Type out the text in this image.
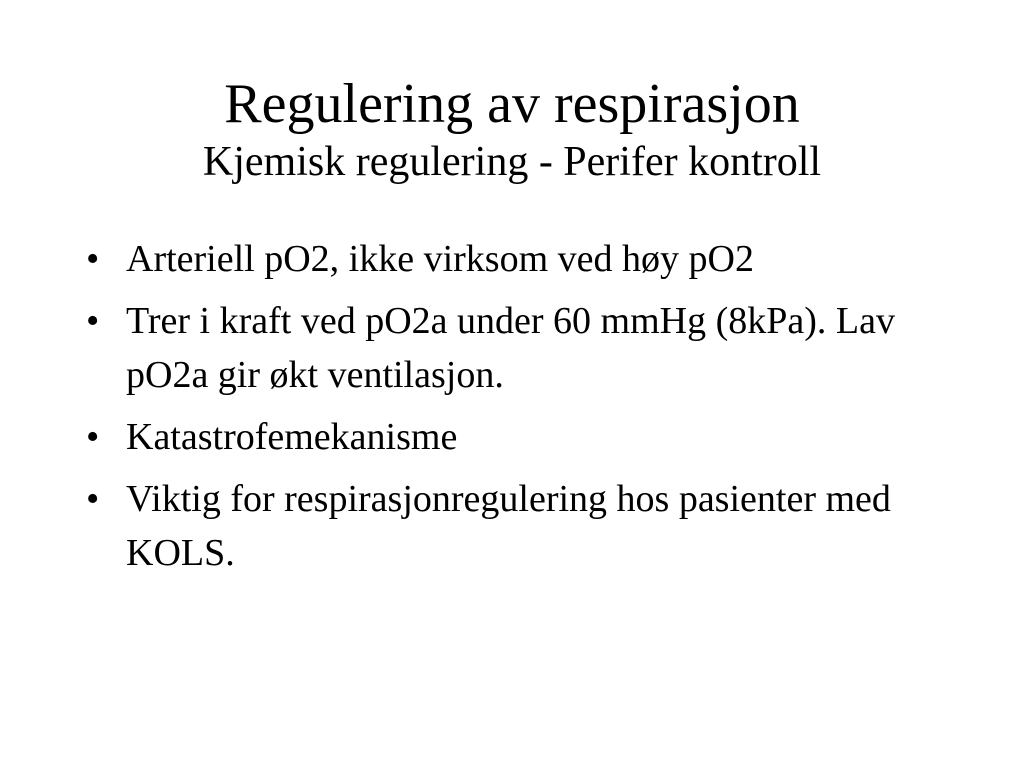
Regulering av respirasjon
Kjemisk regulering - Perifer kontroll
• Arteriell pO2, ikke virksom ved høy pO2
• Trer i kraft ved pO2a under 60 mmHg (8kPa). Lav pO2a gir økt ventilasjon.
• Katastrofemekanisme
• Viktig for respirasjonregulering hos pasienter med KOLS.
